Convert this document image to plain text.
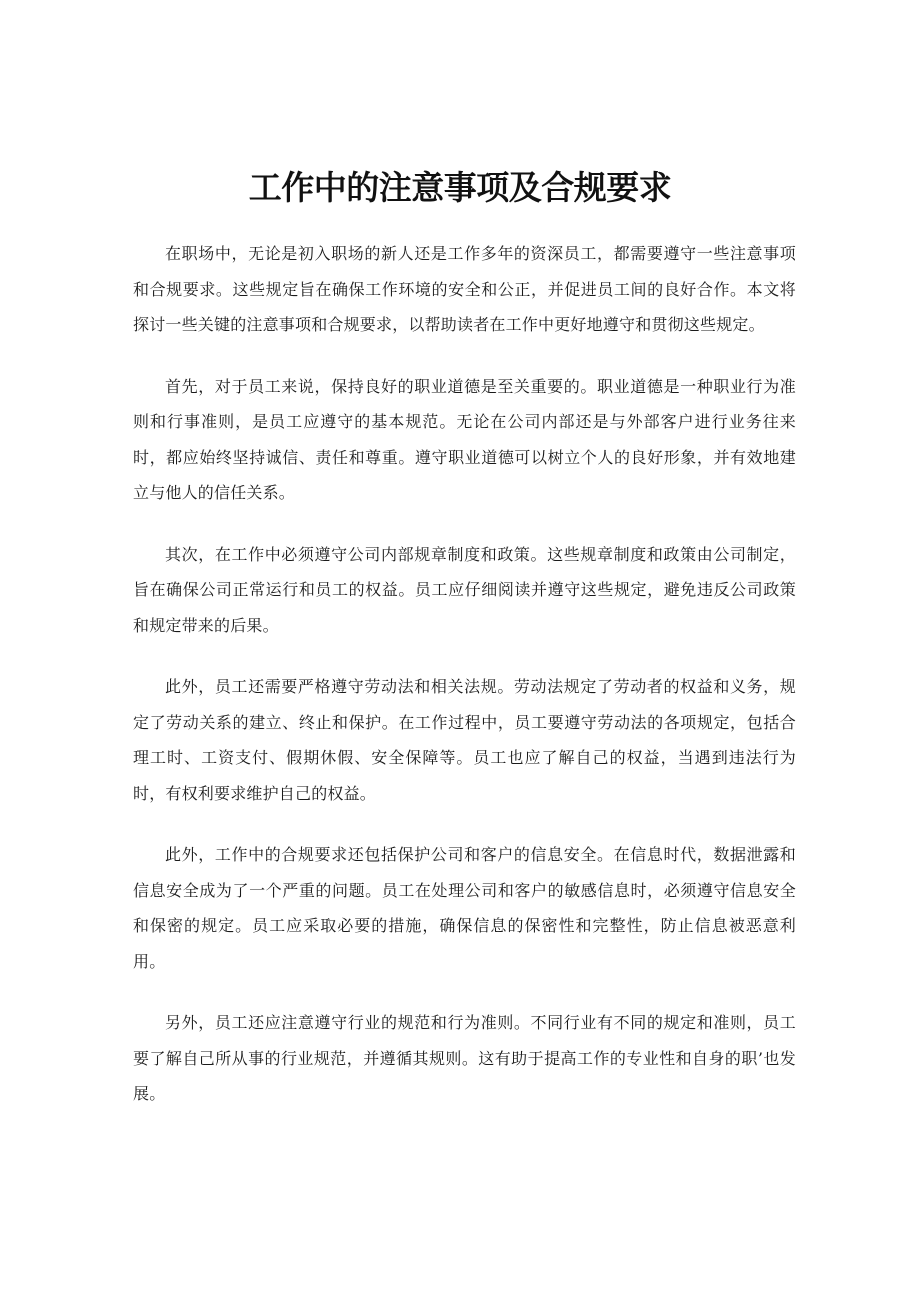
工作中的注意事项及合规要求

在职场中，无论是初入职场的新人还是工作多年的资深员工，都需要遵守一些注意事项和合规要求。这些规定旨在确保工作环境的安全和公正，并促进员工间的良好合作。本文将探讨一些关键的注意事项和合规要求，以帮助读者在工作中更好地遵守和贯彻这些规定。

首先，对于员工来说，保持良好的职业道德是至关重要的。职业道德是一种职业行为准则和行事准则，是员工应遵守的基本规范。无论在公司内部还是与外部客户进行业务往来时，都应始终坚持诚信、责任和尊重。遵守职业道德可以树立个人的良好形象，并有效地建立与他人的信任关系。

其次，在工作中必须遵守公司内部规章制度和政策。这些规章制度和政策由公司制定，旨在确保公司正常运行和员工的权益。员工应仔细阅读并遵守这些规定，避免违反公司政策和规定带来的后果。

此外，员工还需要严格遵守劳动法和相关法规。劳动法规定了劳动者的权益和义务，规定了劳动关系的建立、终止和保护。在工作过程中，员工要遵守劳动法的各项规定，包括合理工时、工资支付、假期休假、安全保障等。员工也应了解自己的权益，当遇到违法行为时，有权利要求维护自己的权益。

此外，工作中的合规要求还包括保护公司和客户的信息安全。在信息时代，数据泄露和信息安全成为了一个严重的问题。员工在处理公司和客户的敏感信息时，必须遵守信息安全和保密的规定。员工应采取必要的措施，确保信息的保密性和完整性，防止信息被恶意利用。

另外，员工还应注意遵守行业的规范和行为准则。不同行业有不同的规定和准则，员工要了解自己所从事的行业规范，并遵循其规则。这有助于提高工作的专业性和自身的职’也发展。
